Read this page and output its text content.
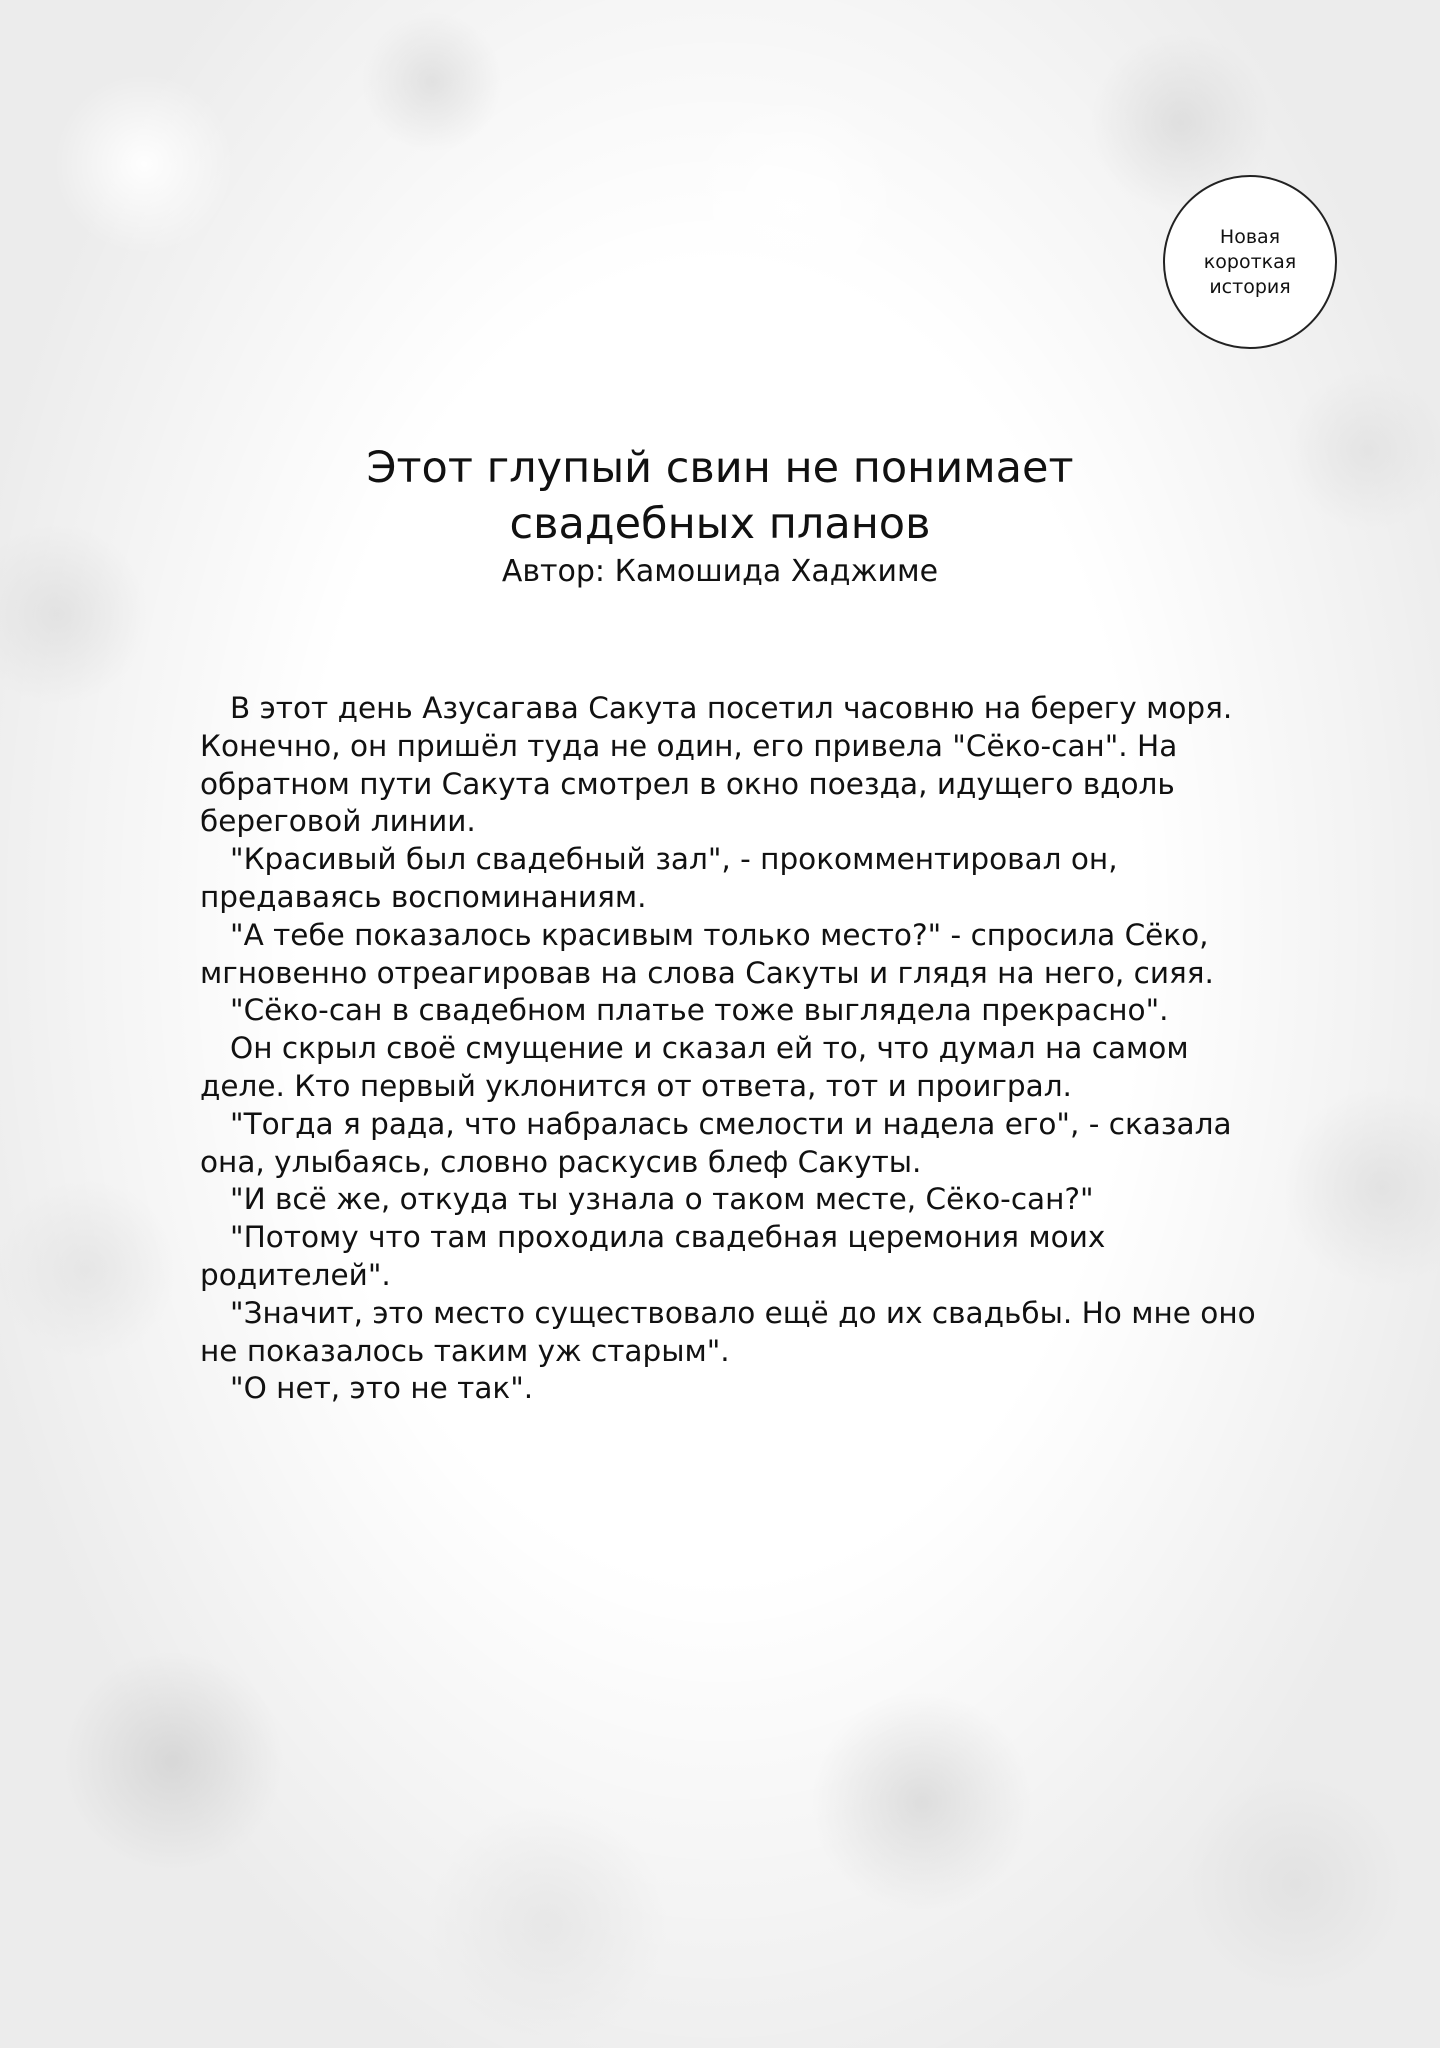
Новая
короткая
история
Этот глупый свин не понимает
свадебных планов
Автор: Камошида Хаджиме

В этот день Азусагава Сакута посетил часовню на берегу моря. Конечно, он пришёл туда не один, его привела "Сёко-сан". На обратном пути Сакута смотрел в окно поезда, идущего вдоль береговой линии.

"Красивый был свадебный зал", - прокомментировал он, предаваясь воспоминаниям.

"А тебе показалось красивым только место?" - спросила Сёко, мгновенно отреагировав на слова Сакуты и глядя на него, сияя.

"Сёко-сан в свадебном платье тоже выглядела прекрасно".

Он скрыл своё смущение и сказал ей то, что думал на самом деле. Кто первый уклонится от ответа, тот и проиграл.

"Тогда я рада, что набралась смелости и надела его", - сказала она, улыбаясь, словно раскусив блеф Сакуты.

"И всё же, откуда ты узнала о таком месте, Сёко-сан?"

"Потому что там проходила свадебная церемония моих родителей".

"Значит, это место существовало ещё до их свадьбы. Но мне оно не показалось таким уж старым".

"О нет, это не так".
